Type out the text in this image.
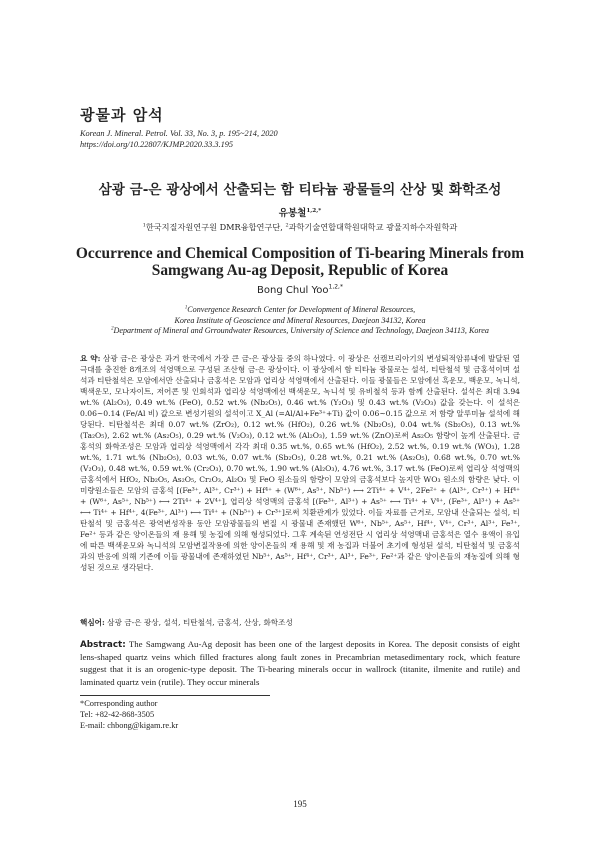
광물과 암석
Korean J. Mineral. Petrol. Vol. 33, No. 3, p. 195~214, 2020
https://doi.org/10.22807/KJMP.2020.33.3.195
삼광 금-은 광상에서 산출되는 함 티타늄 광물들의 산상 및 화학조성
유봉철$^{1,2,*}$
$^1$한국지질자원연구원 DMR융합연구단, $^2$과학기술연합대학원대학교 광물지하수자원학과
Occurrence and Chemical Composition of Ti-bearing Minerals from Samgwang Au-ag Deposit, Republic of Korea
Bong Chul Yoo$^{1,2,*}$
$^1$Convergence Research Center for Development of Mineral Resources,
Korea Institute of Geoscience and Mineral Resources, Daejeon 34132, Korea
$^2$Department of Mineral and Grroundwater Resources, University of Science and Technology, Daejeon 34113, Korea
요 약: 삼광 금-은 광상은 과거 한국에서 가장 큰 금-은 광상들 중의 하나였다. 이 광상은 선캠브리아기의 변성퇴적암류내에 발달된 열극대를 충진한 8개조의 석영맥으로 구성된 조산형 금-은 광상이다. 이 광상에서 함 티타늄 광물로는 설석, 티탄철석 및 금홍석이며 설석과 티탄철석은 모암에서만 산출되나 금홍석은 모암과 엽리상 석영맥에서 산출된다. 이들 광물들은 모암에선 흑운모, 백운모, 녹니석, 백색운모, 모나자이트, 저어콘 및 인회석과 엽리상 석영맥에선 백색운모, 녹니석 및 유비철석 등과 함께 산출된다. 설석은 최대 3.94 wt.% (Al₂O₃), 0.49 wt.% (FeO), 0.52 wt.% (Nb₂O₅), 0.46 wt.% (Y₂O₃) 및 0.43 wt.% (V₂O₃) 값을 갖는다. 이 설석은 0.06~0.14 (Fe/Al 비) 값으로 변성기원의 설석이고 X_Al (=Al/Al+Fe³⁺+Ti) 값이 0.06~0.15 값으로 저 함량 알루미늄 설석에 해당된다. 티탄철석은 최대 0.07 wt.% (ZrO₂), 0.12 wt.% (HfO₂), 0.26 wt.% (Nb₂O₅), 0.04 wt.% (Sb₂O₅), 0.13 wt.% (Ta₂O₅), 2.62 wt.% (As₂O₅), 0.29 wt.% (V₂O₃), 0.12 wt.% (Al₂O₃), 1.59 wt.% (ZnO)로써 As₂O₅ 함량이 높게 산출된다. 금홍석의 화학조성은 모암과 엽리상 석영맥에서 각각 최대 0.35 wt.%, 0.65 wt.% (HfO₂), 2.52 wt.%, 0.19 wt.% (WO₃), 1.28 wt.%, 1.71 wt.% (Nb₂O₅), 0.03 wt.%, 0.07 wt.% (Sb₂O₅), 0.28 wt.%, 0.21 wt.% (As₂O₅), 0.68 wt.%, 0.70 wt.% (V₂O₃), 0.48 wt.%, 0.59 wt.% (Cr₂O₃), 0.70 wt.%, 1.90 wt.% (Al₂O₃), 4.76 wt.%, 3.17 wt.% (FeO)로써 엽리상 석영맥의 금홍석에서 HfO₂, Nb₂O₅, As₂O₅, Cr₂O₃, Al₂O₃ 및 FeO 원소들의 함량이 모암의 금홍석보다 높지만 WO₃ 원소의 함량은 낮다. 이 미량원소들은 모암의 금홍석 [(Fe³⁺, Al³⁺, Cr³⁺) + Hf⁴⁺ + (W⁶⁺, As⁵⁺, Nb⁵⁺) ⟷ 2Ti⁴⁺ + V⁴⁺, 2Fe²⁺ + (Al³⁺, Cr³⁺) + Hf⁴⁺ + (W⁶⁺, As⁵⁺, Nb⁵⁺) ⟷ 2Ti⁴⁺ + 2V⁴⁺], 엽리상 석영맥의 금홍석 [(Fe³⁺, Al³⁺) + As⁵⁺ ⟷ Ti⁴⁺ + V⁴⁺, (Fe³⁺, Al³⁺) + As⁵⁺ ⟷ Ti⁴⁺ + Hf⁴⁺, 4(Fe³⁺, Al³⁺) ⟷ Ti⁴⁺ + (Nb⁵⁺) + Cr³⁺]로써 치환관계가 있었다. 이들 자료를 근거로, 모암내 산출되는 설석, 티탄철석 및 금홍석은 광역변성작용 동안 모암광물들의 변질 시 광물내 존재했던 W⁶⁺, Nb⁵⁺, As⁵⁺, Hf⁴⁺, V⁴⁺, Cr³⁺, Al³⁺, Fe³⁺, Fe²⁺ 등과 같은 양이온들의 재 용해 및 농집에 의해 형성되었다. 그후 계속된 연성전단 시 엽리상 석영맥내 금홍석은 열수 용액이 유입에 따른 백색운모와 녹니석의 모암변질작용에 의한 양이온들의 재 용해 및 재 농집과 더불어 초기에 형성된 설석, 티탄철석 및 금홍석과의 반응에 의해 기존에 이들 광물내에 존재하였던 Nb⁵⁺, As⁵⁺, Hf⁴⁺, Cr³⁺, Al³⁺, Fe³⁺, Fe²⁺과 같은 양이온들의 재농집에 의해 형성된 것으로 생각된다.
핵심어: 삼광 금-은 광상, 설석, 티탄철석, 금홍석, 산상, 화학조성
Abstract: The Samgwang Au-Ag deposit has been one of the largest deposits in Korea. The deposit consists of eight lens-shaped quartz veins which filled fractures along fault zones in Precambrian metasedimentary rock, which feature suggest that it is an orogenic-type deposit. The Ti-bearing minerals occur in wallrock (titanite, ilmenite and rutile) and laminated quartz vein (rutile). They occur minerals
*Corresponding author
Tel: +82-42-868-3505
E-mail: chbong@kigam.re.kr
195
